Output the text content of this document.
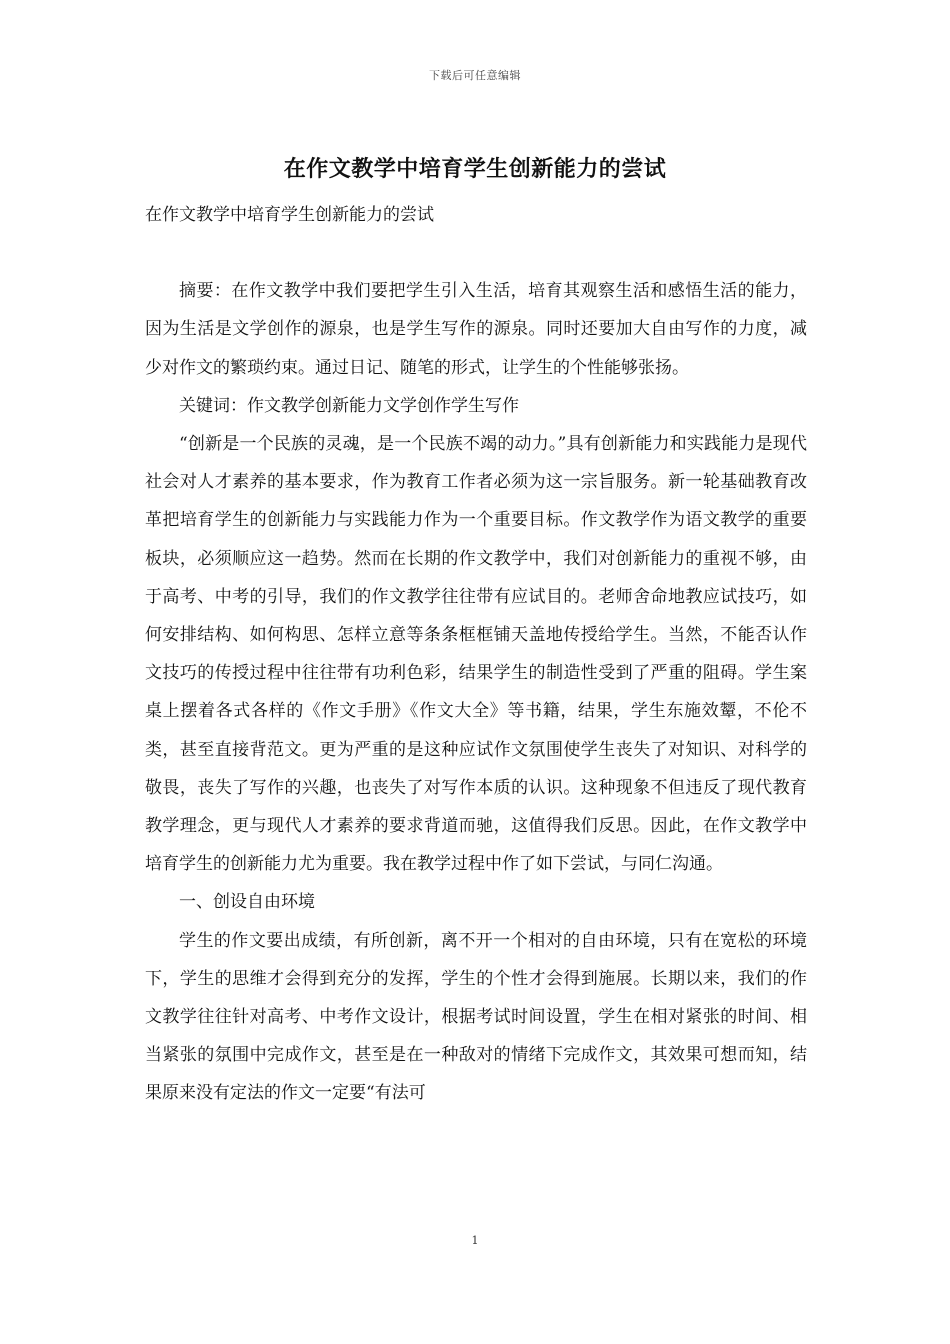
下载后可任意编辑
在作文教学中培育学生创新能力的尝试

在作文教学中培育学生创新能力的尝试

摘要：在作文教学中我们要把学生引入生活，培育其观察生活和感悟生活的能力，因为生活是文学创作的源泉，也是学生写作的源泉。同时还要加大自由写作的力度，减少对作文的繁琐约束。通过日记、随笔的形式，让学生的个性能够张扬。

关键词：作文教学创新能力文学创作学生写作

“创新是一个民族的灵魂，是一个民族不竭的动力。”具有创新能力和实践能力是现代社会对人才素养的基本要求，作为教育工作者必须为这一宗旨服务。新一轮基础教育改革把培育学生的创新能力与实践能力作为一个重要目标。作文教学作为语文教学的重要板块，必须顺应这一趋势。然而在长期的作文教学中，我们对创新能力的重视不够，由于高考、中考的引导，我们的作文教学往往带有应试目的。老师舍命地教应试技巧，如何安排结构、如何构思、怎样立意等条条框框铺天盖地传授给学生。当然，不能否认作文技巧的传授过程中往往带有功利色彩，结果学生的制造性受到了严重的阻碍。学生案桌上摆着各式各样的《作文手册》《作文大全》等书籍，结果，学生东施效颦，不伦不类，甚至直接背范文。更为严重的是这种应试作文氛围使学生丧失了对知识、对科学的敬畏，丧失了写作的兴趣，也丧失了对写作本质的认识。这种现象不但违反了现代教育教学理念，更与现代人才素养的要求背道而驰，这值得我们反思。因此，在作文教学中培育学生的创新能力尤为重要。我在教学过程中作了如下尝试，与同仁沟通。

一、创设自由环境

学生的作文要出成绩，有所创新，离不开一个相对的自由环境，只有在宽松的环境下，学生的思维才会得到充分的发挥，学生的个性才会得到施展。长期以来，我们的作文教学往往针对高考、中考作文设计，根据考试时间设置，学生在相对紧张的时间、相当紧张的氛围中完成作文，甚至是在一种敌对的情绪下完成作文，其效果可想而知，结果原来没有定法的作文一定要“有法可

1
